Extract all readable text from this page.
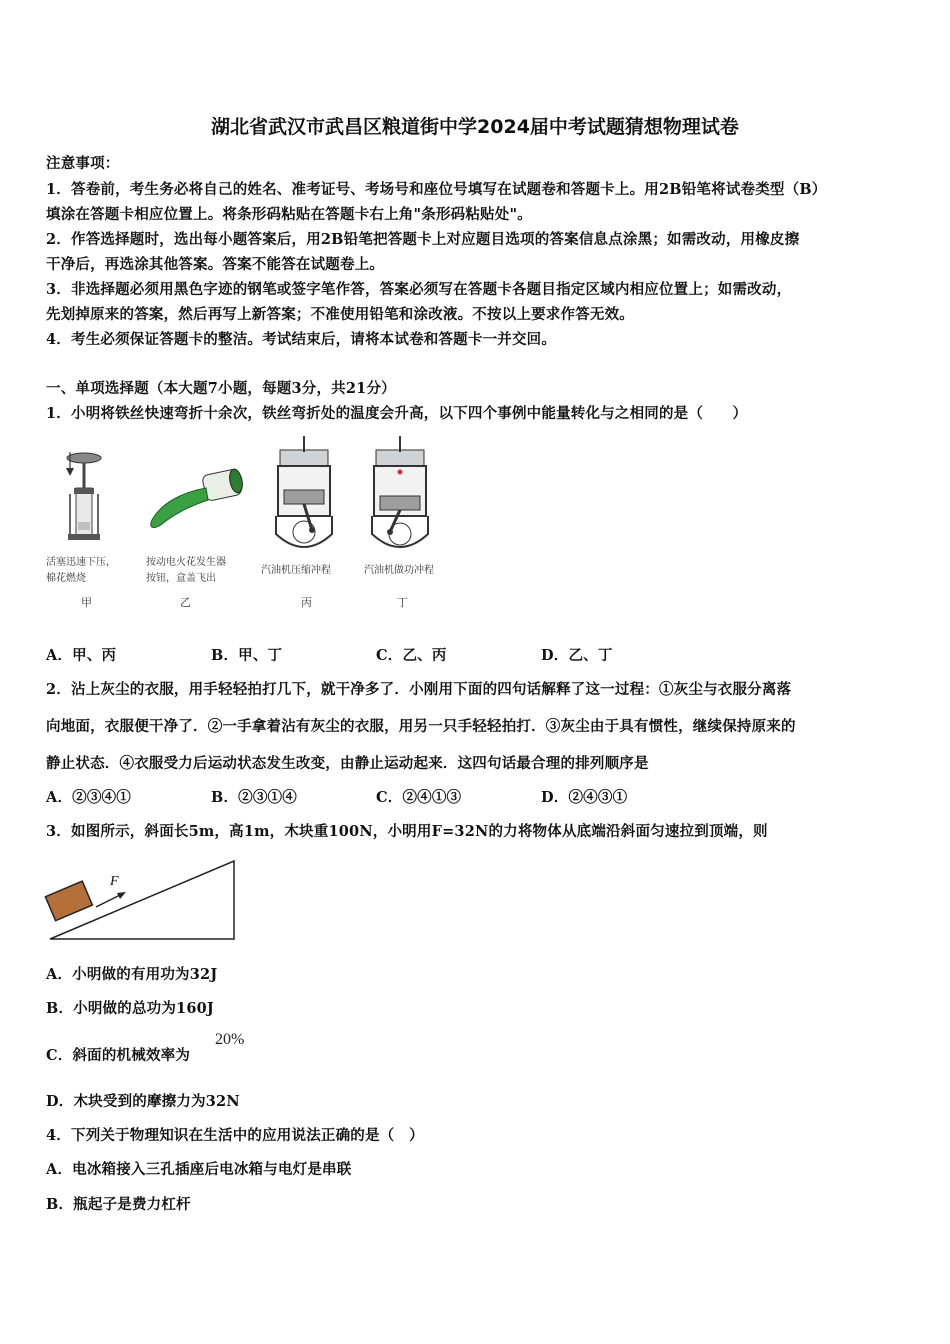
湖北省武汉市武昌区粮道街中学2024届中考试题猜想物理试卷
注意事项：
1．答卷前，考生务必将自己的姓名、准考证号、考场号和座位号填写在试题卷和答题卡上。用2B铅笔将试卷类型（B）
填涂在答题卡相应位置上。将条形码粘贴在答题卡右上角"条形码粘贴处"。
2．作答选择题时，选出每小题答案后，用2B铅笔把答题卡上对应题目选项的答案信息点涂黑；如需改动，用橡皮擦
干净后，再选涂其他答案。答案不能答在试题卷上。
3．非选择题必须用黑色字迹的钢笔或签字笔作答，答案必须写在答题卡各题目指定区域内相应位置上；如需改动，
先划掉原来的答案，然后再写上新答案；不准使用铅笔和涂改液。不按以上要求作答无效。
4．考生必须保证答题卡的整洁。考试结束后，请将本试卷和答题卡一并交回。
一、单项选择题（本大题7小题，每题3分，共21分）
1．小明将铁丝快速弯折十余次，铁丝弯折处的温度会升高，以下四个事例中能量转化与之相同的是（　　）
活塞迅速下压，
棉花燃烧
甲
按动电火花发生器
按钮，盒盖飞出
乙
汽油机压缩冲程
丙
汽油机做功冲程
丁
A．甲、丙	B．甲、丁	C．乙、丙	D．乙、丁
2．沾上灰尘的衣服，用手轻轻拍打几下，就干净多了．小刚用下面的四句话解释了这一过程：①灰尘与衣服分离落
向地面，衣服便干净了．②一手拿着沾有灰尘的衣服，用另一只手轻轻拍打．③灰尘由于具有惯性，继续保持原来的
静止状态．④衣服受力后运动状态发生改变，由静止运动起来．这四句话最合理的排列顺序是
A．②③④①	B．②③①④	C．②④①③	D．②④③①
3．如图所示，斜面长5m，高1m，木块重100N，小明用F=32N的力将物体从底端沿斜面匀速拉到顶端，则
F
A．小明做的有用功为32J
B．小明做的总功为160J
C．斜面的机械效率为
20%
D．木块受到的摩擦力为32N
4．下列关于物理知识在生活中的应用说法正确的是（　）
A．电冰箱接入三孔插座后电冰箱与电灯是串联
B．瓶起子是费力杠杆
